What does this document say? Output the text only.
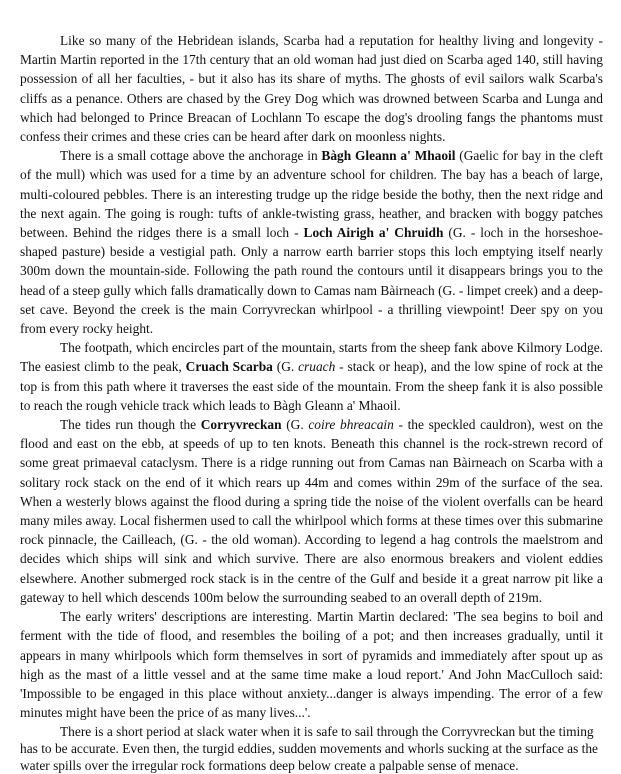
Like so many of the Hebridean islands, Scarba had a reputation for healthy living and longevity - Martin Martin reported in the 17th century that an old woman had just died on Scarba aged 140, still having possession of all her faculties, - but it also has its share of myths. The ghosts of evil sailors walk Scarba's cliffs as a penance. Others are chased by the Grey Dog which was drowned between Scarba and Lunga and which had belonged to Prince Breacan of Lochlann To escape the dog's drooling fangs the phantoms must confess their crimes and these cries can be heard after dark on moonless nights.

There is a small cottage above the anchorage in Bàgh Gleann a' Mhaoil (Gaelic for bay in the cleft of the mull) which was used for a time by an adventure school for children. The bay has a beach of large, multi-coloured pebbles. There is an interesting trudge up the ridge beside the bothy, then the next ridge and the next again. The going is rough: tufts of ankle-twisting grass, heather, and bracken with boggy patches between. Behind the ridges there is a small loch - Loch Airigh a' Chruidh (G. - loch in the horseshoe-shaped pasture) beside a vestigial path. Only a narrow earth barrier stops this loch emptying itself nearly 300m down the mountain-side. Following the path round the contours until it disappears brings you to the head of a steep gully which falls dramatically down to Camas nam Bàirneach (G. - limpet creek) and a deep-set cave. Beyond the creek is the main Corryvreckan whirlpool - a thrilling viewpoint! Deer spy on you from every rocky height.

The footpath, which encircles part of the mountain, starts from the sheep fank above Kilmory Lodge. The easiest climb to the peak, Cruach Scarba (G. cruach - stack or heap), and the low spine of rock at the top is from this path where it traverses the east side of the mountain. From the sheep fank it is also possible to reach the rough vehicle track which leads to Bàgh Gleann a' Mhaoil.

The tides run though the Corryvreckan (G. coire bhreacain - the speckled cauldron), west on the flood and east on the ebb, at speeds of up to ten knots. Beneath this channel is the rock-strewn record of some great primaeval cataclysm. There is a ridge running out from Camas nan Bàirneach on Scarba with a solitary rock stack on the end of it which rears up 44m and comes within 29m of the surface of the sea. When a westerly blows against the flood during a spring tide the noise of the violent overfalls can be heard many miles away. Local fishermen used to call the whirlpool which forms at these times over this submarine rock pinnacle, the Cailleach, (G. - the old woman). According to legend a hag controls the maelstrom and decides which ships will sink and which survive. There are also enormous breakers and violent eddies elsewhere. Another submerged rock stack is in the centre of the Gulf and beside it a great narrow pit like a gateway to hell which descends 100m below the surrounding seabed to an overall depth of 219m.

The early writers' descriptions are interesting. Martin Martin declared: 'The sea begins to boil and ferment with the tide of flood, and resembles the boiling of a pot; and then increases gradually, until it appears in many whirlpools which form themselves in sort of pyramids and immediately after spout up as high as the mast of a little vessel and at the same time make a loud report.' And John MacCulloch said: 'Impossible to be engaged in this place without anxiety...danger is always impending. The error of a few minutes might have been the price of as many lives...'.

There is a short period at slack water when it is safe to sail through the Corryvreckan but the timing has to be accurate. Even then, the turgid eddies, sudden movements and whorls sucking at the surface as the water spills over the irregular rock formations deep below create a palpable sense of menace.
